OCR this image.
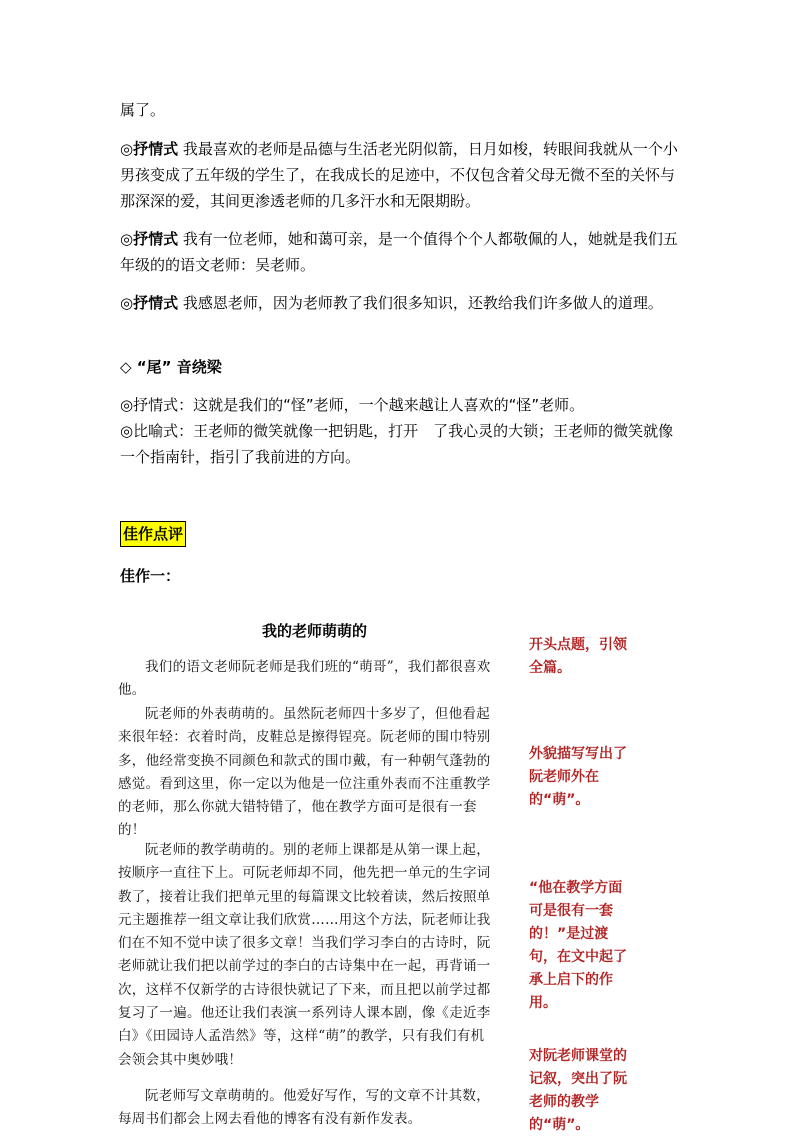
属了。

◎抒情式 我最喜欢的老师是品德与生活老光阴似箭，日月如梭，转眼间我就从一个小男孩变成了五年级的学生了，在我成长的足迹中，不仅包含着父母无微不至的关怀与那深深的爱，其间更渗透老师的几多汗水和无限期盼。

◎抒情式 我有一位老师，她和蔼可亲，是一个值得个个人都敬佩的人，她就是我们五年级的的语文老师：吴老师。

◎抒情式 我感恩老师，因为老师教了我们很多知识，还教给我们许多做人的道理。

◇ “尾” 音绕梁

◎抒情式：这就是我们的“怪”老师，一个越来越让人喜欢的“怪”老师。

◎比喻式：王老师的微笑就像一把钥匙，打开　了我心灵的大锁；王老师的微笑就像一个指南针，指引了我前进的方向。

佳作点评
佳作一：
我的老师萌萌的

我们的语文老师阮老师是我们班的“萌哥”，我们都很喜欢他。

阮老师的外表萌萌的。虽然阮老师四十多岁了，但他看起来很年轻：衣着时尚，皮鞋总是擦得锃亮。阮老师的围巾特别多，他经常变换不同颜色和款式的围巾戴，有一种朝气蓬勃的感觉。看到这里，你一定以为他是一位注重外表而不注重教学的老师，那么你就大错特错了，他在教学方面可是很有一套的！

阮老师的教学萌萌的。别的老师上课都是从第一课上起，按顺序一直往下上。可阮老师却不同，他先把一单元的生字词教了，接着让我们把单元里的每篇课文比较着读，然后按照单元主题推荐一组文章让我们欣赏……用这个方法，阮老师让我们在不知不觉中读了很多文章！当我们学习李白的古诗时，阮老师就让我们把以前学过的李白的古诗集中在一起，再背诵一次，这样不仅新学的古诗很快就记了下来，而且把以前学过都复习了一遍。他还让我们表演一系列诗人课本剧，像《走近李白》《田园诗人孟浩然》等，这样“萌”的教学，只有我们有机会领会其中奥妙哦！

阮老师写文章萌萌的。他爱好写作，写的文章不计其数，每周书们都会上网去看他的博客有没有新作发表。

开头点题，引领全篇。

外貌描写写出了阮老师外在的“萌”。

“他在教学方面可是很有一套的！”是过渡句，在文中起了承上启下的作用。

对阮老师课堂的记叙，突出了阮老师的教学的“萌”。
